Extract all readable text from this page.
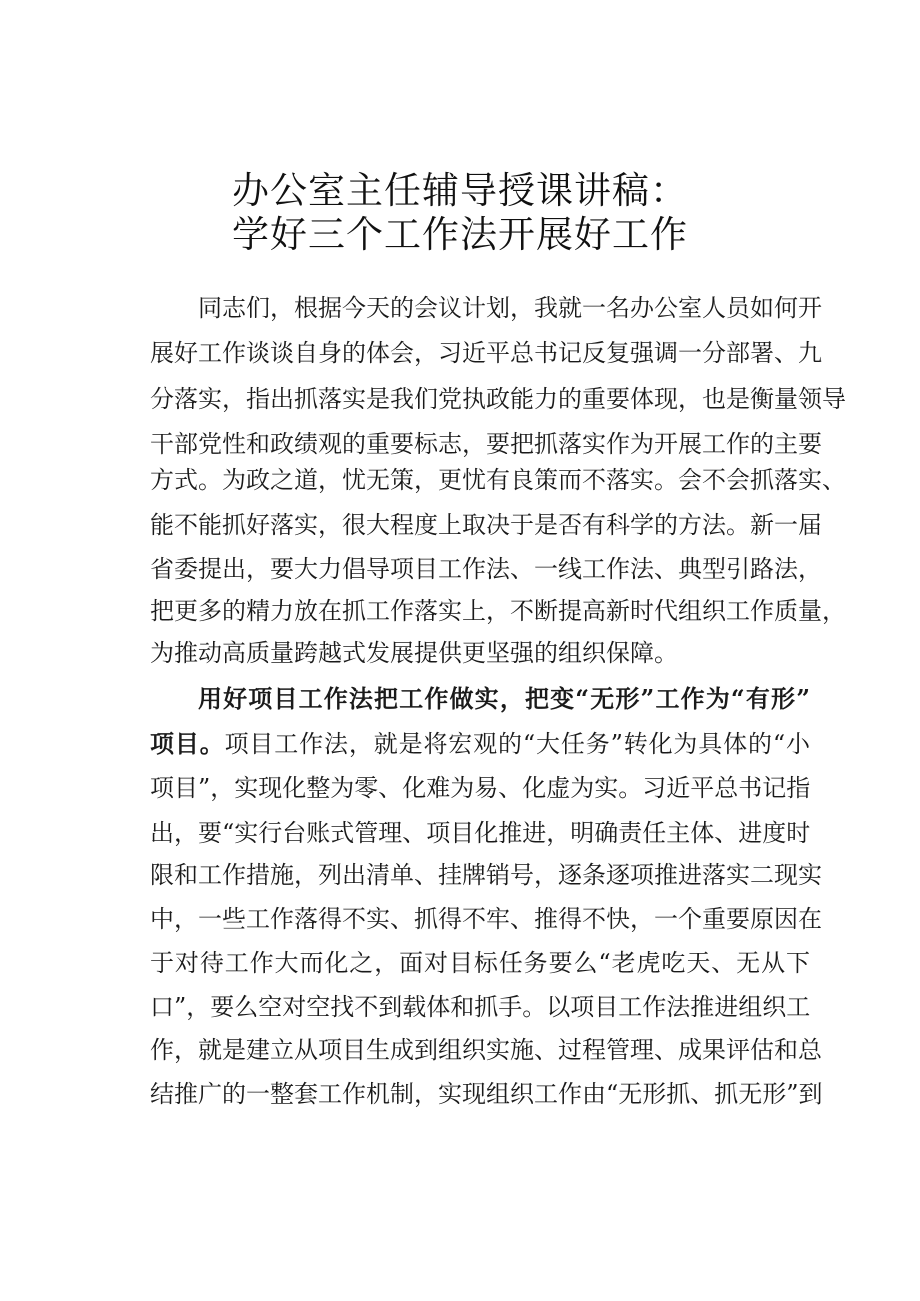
办公室主任辅导授课讲稿：
学好三个工作法开展好工作
同志们，根据今天的会议计划，我就一名办公室人员如何开
展好工作谈谈自身的体会，习近平总书记反复强调一分部署、九
分落实，指出抓落实是我们党执政能力的重要体现，也是衡量领导
干部党性和政绩观的重要标志，要把抓落实作为开展工作的主要
方式。为政之道，忧无策，更忧有良策而不落实。会不会抓落实、
能不能抓好落实，很大程度上取决于是否有科学的方法。新一届
省委提出，要大力倡导项目工作法、一线工作法、典型引路法，
把更多的精力放在抓工作落实上，不断提高新时代组织工作质量，
为推动高质量跨越式发展提供更坚强的组织保障。
用好项目工作法把工作做实，把变“无形”工作为“有形”
项目。项目工作法，就是将宏观的“大任务”转化为具体的“小
项目”，实现化整为零、化难为易、化虚为实。习近平总书记指
出，要“实行台账式管理、项目化推进，明确责任主体、进度时
限和工作措施，列出清单、挂牌销号，逐条逐项推进落实二现实
中，一些工作落得不实、抓得不牢、推得不快，一个重要原因在
于对待工作大而化之，面对目标任务要么“老虎吃天、无从下
口”，要么空对空找不到载体和抓手。以项目工作法推进组织工
作，就是建立从项目生成到组织实施、过程管理、成果评估和总
结推广的一整套工作机制，实现组织工作由“无形抓、抓无形”到
